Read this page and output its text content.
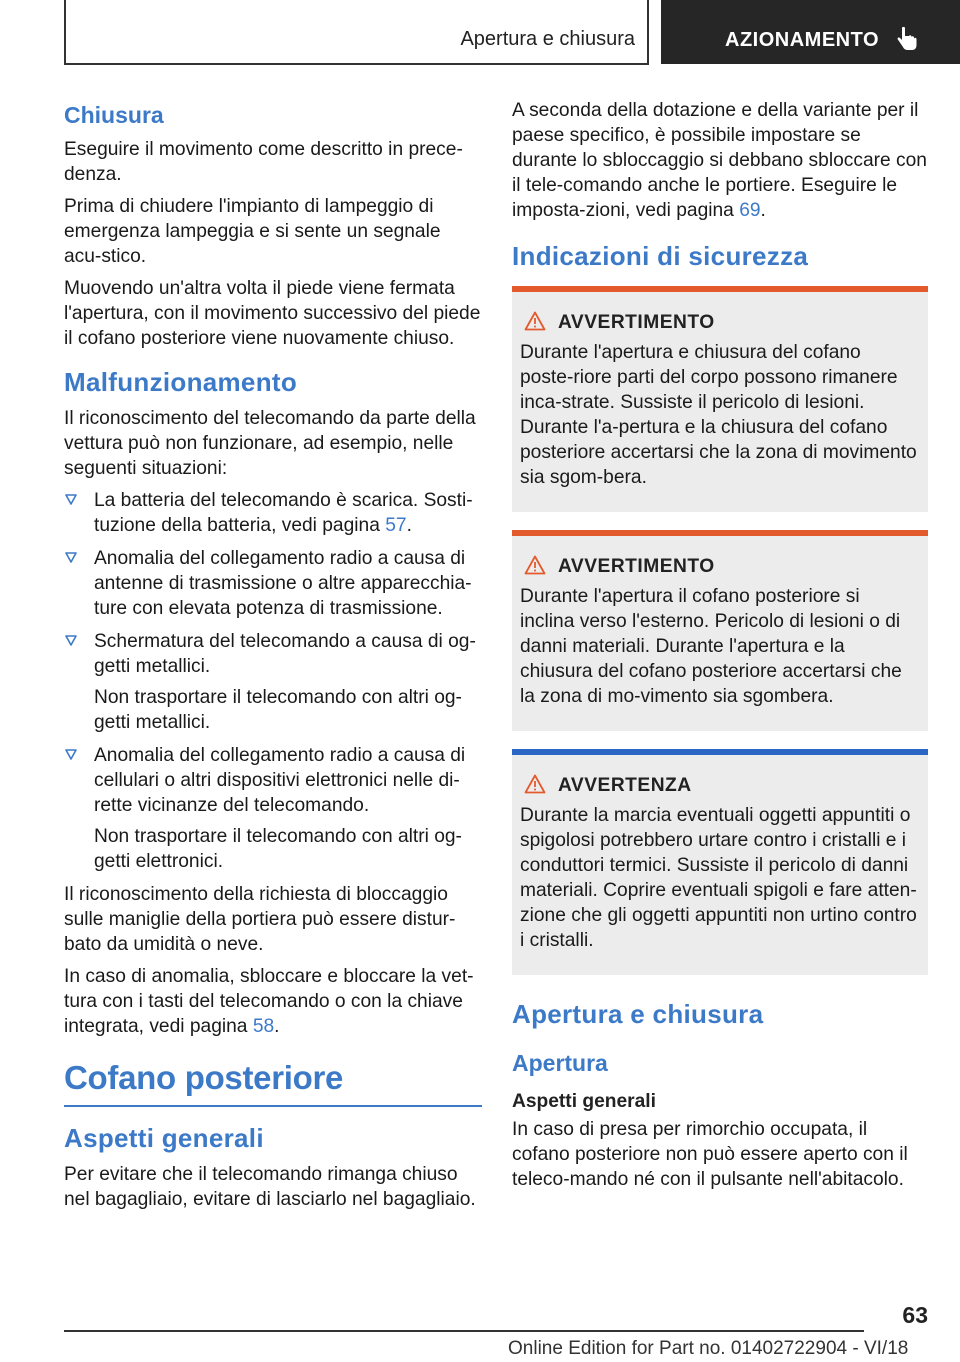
Apertura e chiusura	AZIONAMENTO
Chiusura

Eseguire il movimento come descritto in prece-denza.

Prima di chiudere l'impianto di lampeggio di emergenza lampeggia e si sente un segnale acu-stico.

Muovendo un'altra volta il piede viene fermata l'apertura, con il movimento successivo del piede il cofano posteriore viene nuovamente chiuso.

Malfunzionamento

Il riconoscimento del telecomando da parte della vettura può non funzionare, ad esempio, nelle seguenti situazioni:

La batteria del telecomando è scarica. Sosti-tuzione della batteria, vedi pagina 57.

Anomalia del collegamento radio a causa di antenne di trasmissione o altre apparecchia-ture con elevata potenza di trasmissione.

Schermatura del telecomando a causa di og-getti metallici.

Non trasportare il telecomando con altri og-getti metallici.

Anomalia del collegamento radio a causa di cellulari o altri dispositivi elettronici nelle di-rette vicinanze del telecomando.

Non trasportare il telecomando con altri og-getti elettronici.

Il riconoscimento della richiesta di bloccaggio sulle maniglie della portiera può essere distur-bato da umidità o neve.

In caso di anomalia, sbloccare e bloccare la vet-tura con i tasti del telecomando o con la chiave integrata, vedi pagina 58.

Cofano posteriore
Aspetti generali

Per evitare che il telecomando rimanga chiuso nel bagagliaio, evitare di lasciarlo nel bagagliaio.

A seconda della dotazione e della variante per il paese specifico, è possibile impostare se durante lo sbloccaggio si debbano sbloccare con il tele-comando anche le portiere. Eseguire le imposta-zioni, vedi pagina 69.

Indicazioni di sicurezza
AVVERTIMENTO

Durante l'apertura e chiusura del cofano poste-riore parti del corpo possono rimanere inca-strate. Sussiste il pericolo di lesioni. Durante l'a-pertura e la chiusura del cofano posteriore accertarsi che la zona di movimento sia sgom-bera.

AVVERTIMENTO

Durante l'apertura il cofano posteriore si inclina verso l'esterno. Pericolo di lesioni o di danni materiali. Durante l'apertura e la chiusura del cofano posteriore accertarsi che la zona di mo-vimento sia sgombera.

AVVERTENZA

Durante la marcia eventuali oggetti appuntiti o spigolosi potrebbero urtare contro i cristalli e i conduttori termici. Sussiste il pericolo di danni materiali. Coprire eventuali spigoli e fare atten-zione che gli oggetti appuntiti non urtino contro i cristalli.

Apertura e chiusura
Apertura
Aspetti generali

In caso di presa per rimorchio occupata, il cofano posteriore non può essere aperto con il teleco-mando né con il pulsante nell'abitacolo.

63
Online Edition for Part no. 01402722904 - VI/18
